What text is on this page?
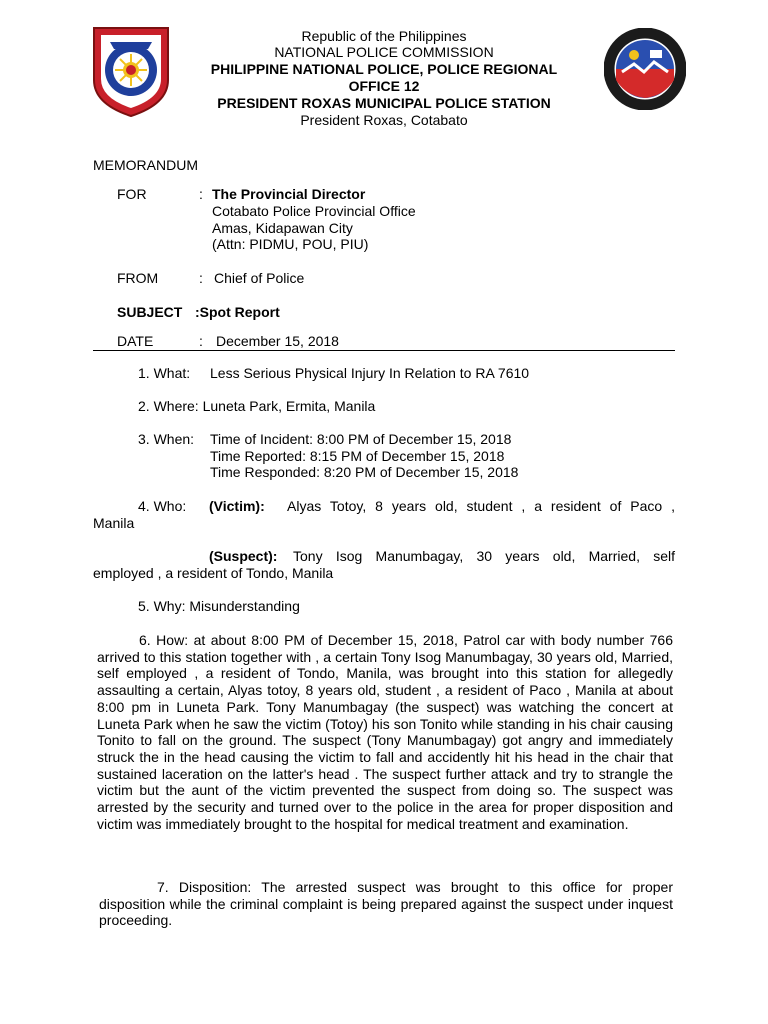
Republic of the Philippines
NATIONAL POLICE COMMISSION
PHILIPPINE NATIONAL POLICE, POLICE REGIONAL
OFFICE 12
PRESIDENT ROXAS MUNICIPAL POLICE STATION
President Roxas, Cotabato
MEMORANDUM
FOR	: The Provincial Director
Cotabato Police Provincial Office
Amas, Kidapawan City
(Attn: PIDMU, POU, PIU)
FROM	: Chief of Police
SUBJECT :Spot Report
DATE	: December 15, 2018
1. What: Less Serious Physical Injury In Relation to RA 7610
2. Where: Luneta Park, Ermita, Manila
3. When: Time of Incident: 8:00 PM of December 15, 2018
Time Reported: 8:15 PM of December 15, 2018
Time Responded: 8:20 PM of December 15, 2018
4. Who: (Victim): Alyas Totoy, 8 years old, student , a resident of Paco ,
Manila
(Suspect): Tony Isog Manumbagay, 30 years old, Married, self
employed , a resident of Tondo, Manila
5. Why: Misunderstanding
6. How: at about 8:00 PM of December 15, 2018, Patrol car with body number 766 arrived to this station together with , a certain Tony Isog Manumbagay, 30 years old, Married, self employed , a resident of Tondo, Manila, was brought into this station for allegedly assaulting a certain, Alyas totoy, 8 years old, student , a resident of Paco , Manila at about 8:00 pm in Luneta Park. Tony Manumbagay (the suspect) was watching the concert at Luneta Park when he saw the victim (Totoy) his son Tonito while standing in his chair causing Tonito to fall on the ground. The suspect (Tony Manumbagay) got angry and immediately struck the in the head causing the victim to fall and accidently hit his head in the chair that sustained laceration on the latter's head . The suspect further attack and try to strangle the victim but the aunt of the victim prevented the suspect from doing so. The suspect was arrested by the security and turned over to the police in the area for proper disposition and victim was immediately brought to the hospital for medical treatment and examination.
7. Disposition: The arrested suspect was brought to this office for proper disposition while the criminal complaint is being prepared against the suspect under inquest proceeding.
